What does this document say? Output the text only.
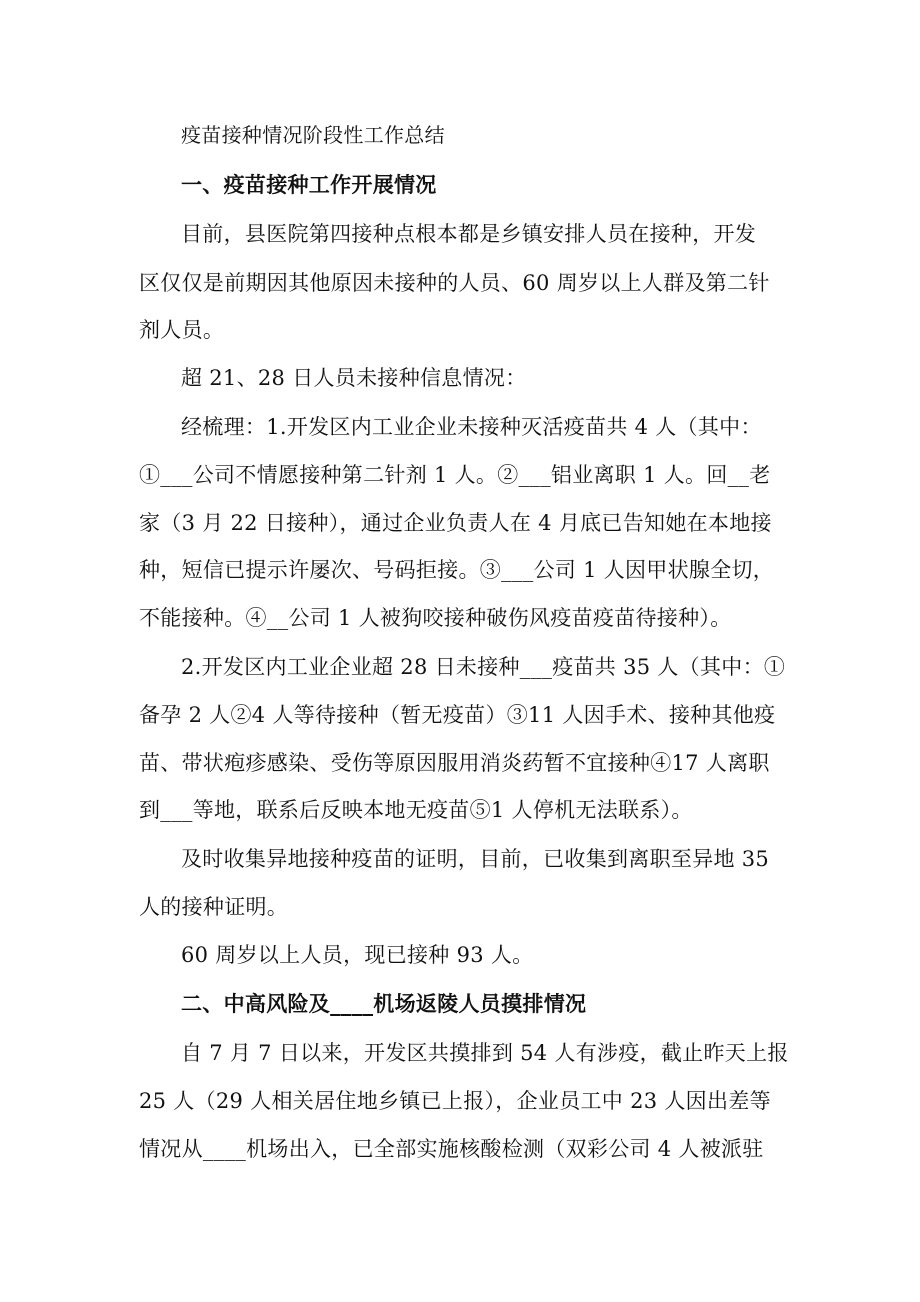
疫苗接种情况阶段性工作总结
一、疫苗接种工作开展情况
目前，县医院第四接种点根本都是乡镇安排人员在接种，开发
区仅仅是前期因其他原因未接种的人员、60 周岁以上人群及第二针
剂人员。
超 21、28 日人员未接种信息情况：
经梳理：1.开发区内工业企业未接种灭活疫苗共 4 人（其中：
①___公司不情愿接种第二针剂 1 人。②___铝业离职 1 人。回__老
家（3 月 22 日接种），通过企业负责人在 4 月底已告知她在本地接
种，短信已提示许屡次、号码拒接。③___公司 1 人因甲状腺全切，
不能接种。④__公司 1 人被狗咬接种破伤风疫苗疫苗待接种）。
2.开发区内工业企业超 28 日未接种___疫苗共 35 人（其中：①
备孕 2 人②4 人等待接种（暂无疫苗）③11 人因手术、接种其他疫
苗、带状疱疹感染、受伤等原因服用消炎药暂不宜接种④17 人离职
到___等地，联系后反映本地无疫苗⑤1 人停机无法联系）。
及时收集异地接种疫苗的证明，目前，已收集到离职至异地 35
人的接种证明。
60 周岁以上人员，现已接种 93 人。
二、中高风险及____机场返陵人员摸排情况
自 7 月 7 日以来，开发区共摸排到 54 人有涉疫，截止昨天上报
25 人（29 人相关居住地乡镇已上报），企业员工中 23 人因出差等
情况从____机场出入，已全部实施核酸检测（双彩公司 4 人被派驻
